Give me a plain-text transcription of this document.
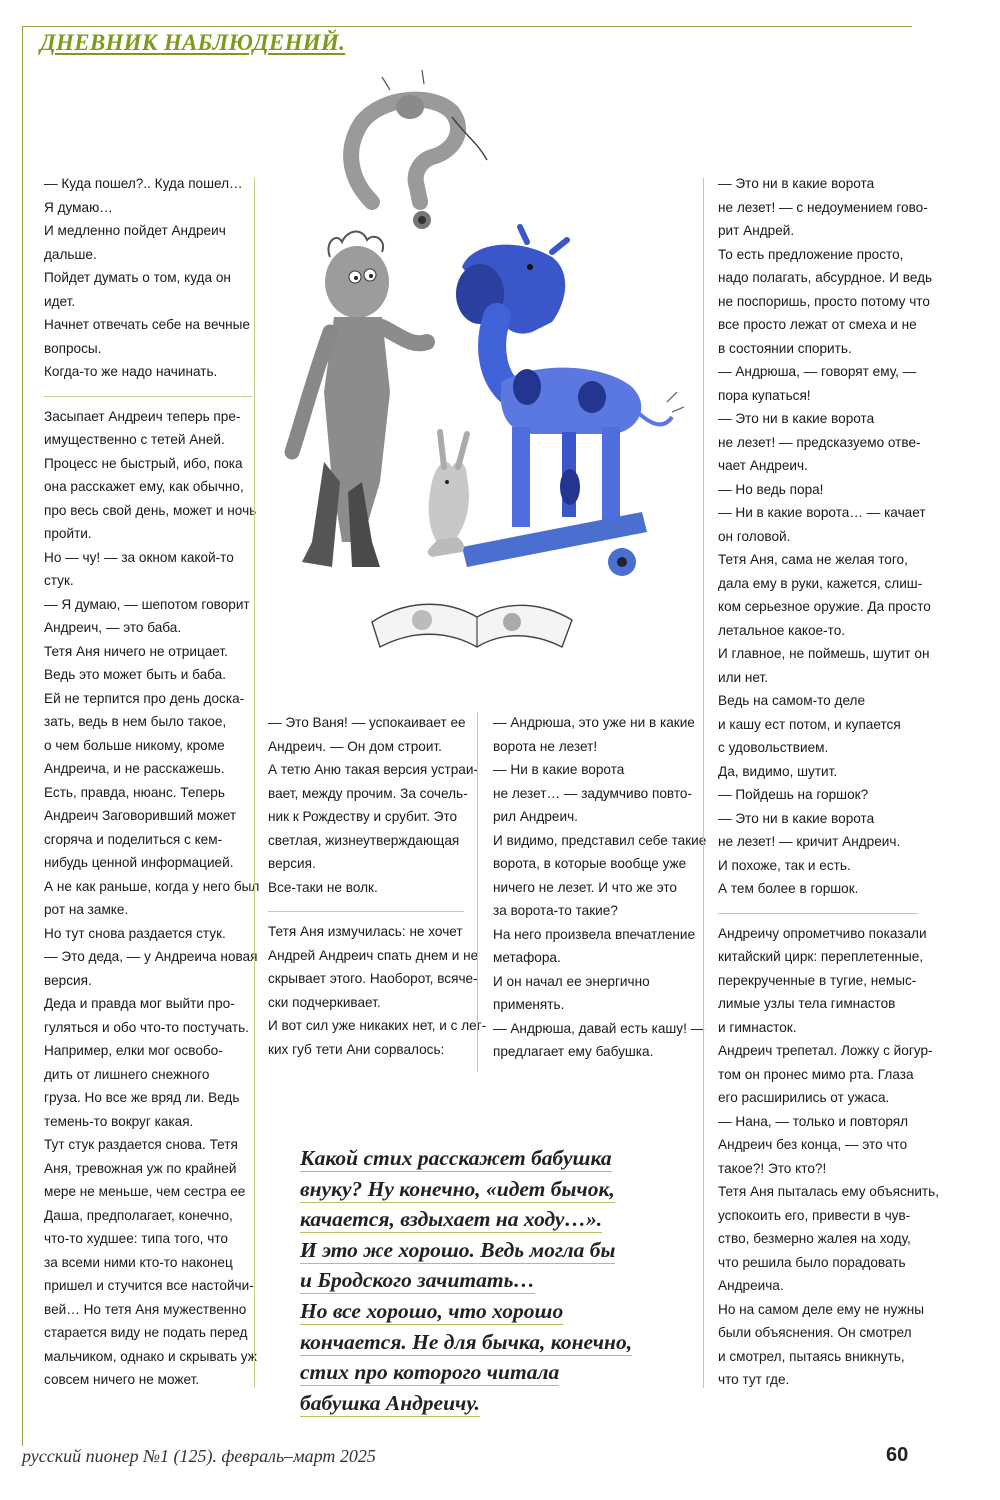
ДНЕВНИК НАБЛЮДЕНИЙ.

— Куда пошел?.. Куда пошел…

Я думаю…

И медленно пойдет Андреич

дальше.

Пойдет думать о том, куда он

идет.

Начнет отвечать себе на вечные

вопросы.

Когда-то же надо начинать.

Засыпает Андреич теперь пре-

имущественно с тетей Аней.

Процесс не быстрый, ибо, пока

она расскажет ему, как обычно,

про весь свой день, может и ночь

пройти.

Но — чу! — за окном какой-то

стук.

— Я думаю, — шепотом говорит

Андреич, — это баба.

Тетя Аня ничего не отрицает.

Ведь это может быть и баба.

Ей не терпится про день доска-

зать, ведь в нем было такое,

о чем больше никому, кроме

Андреича, и не расскажешь.

Есть, правда, нюанс. Теперь

Андреич Заговоривший может

сгоряча и поделиться с кем-

нибудь ценной информацией.

А не как раньше, когда у него был

рот на замке.

Но тут снова раздается стук.

— Это деда, — у Андреича новая

версия.

Деда и правда мог выйти про-

гуляться и обо что-то постучать.

Например, елки мог освобо-

дить от лишнего снежного

груза. Но все же вряд ли. Ведь

темень-то вокруг какая.

Тут стук раздается снова. Тетя

Аня, тревожная уж по крайней

мере не меньше, чем сестра ее

Даша, предполагает, конечно,

что-то худшее: типа того, что

за всеми ними кто-то наконец

пришел и стучится все настойчи-

вей… Но тетя Аня мужественно

старается виду не подать перед

мальчиком, однако и скрывать уж

совсем ничего не может.

— Это Ваня! — успокаивает ее

Андреич. — Он дом строит.

А тетю Аню такая версия устраи-

вает, между прочим. За сочель-

ник к Рождеству и срубит. Это

светлая, жизнеутверждающая

версия.

Все-таки не волк.

Тетя Аня измучилась: не хочет

Андрей Андреич спать днем и не

скрывает этого. Наоборот, всяче-

ски подчеркивает.

И вот сил уже никаких нет, и с лег-

ких губ тети Ани сорвалось:

— Андрюша, это уже ни в какие

ворота не лезет!

— Ни в какие ворота

не лезет… — задумчиво повто-

рил Андреич.

И видимо, представил себе такие

ворота, в которые вообще уже

ничего не лезет. И что же это

за ворота-то такие?

На него произвела впечатление

метафора.

И он начал ее энергично

применять.

— Андрюша, давай есть кашу! —

предлагает ему бабушка.

— Это ни в какие ворота

не лезет! — с недоумением гово-

рит Андрей.

То есть предложение просто,

надо полагать, абсурдное. И ведь

не поспоришь, просто потому что

все просто лежат от смеха и не

в состоянии спорить.

— Андрюша, — говорят ему, —

пора купаться!

— Это ни в какие ворота

не лезет! — предсказуемо отве-

чает Андреич.

— Но ведь пора!

— Ни в какие ворота… — качает

он головой.

Тетя Аня, сама не желая того,

дала ему в руки, кажется, слиш-

ком серьезное оружие. Да просто

летальное какое-то.

И главное, не поймешь, шутит он

или нет.

Ведь на самом-то деле

и кашу ест потом, и купается

с удовольствием.

Да, видимо, шутит.

— Пойдешь на горшок?

— Это ни в какие ворота

не лезет! — кричит Андреич.

И похоже, так и есть.

А тем более в горшок.

Андреичу опрометчиво показали

китайский цирк: переплетенные,

перекрученные в тугие, немыс-

лимые узлы тела гимнастов

и гимнасток.

Андреич трепетал. Ложку с йогур-

том он пронес мимо рта. Глаза

его расширились от ужаса.

— Нана, — только и повторял

Андреич без конца, — это что

такое?! Это кто?!

Тетя Аня пыталась ему объяснить,

успокоить его, привести в чув-

ство, безмерно жалея на ходу,

что решила было порадовать

Андреича.

Но на самом деле ему не нужны

были объяснения. Он смотрел

и смотрел, пытаясь вникнуть,

что тут где.

Какой стих расскажет бабушка

внуку? Ну конечно, «идет бычок,

качается, вздыхает на ходу…».

И это же хорошо. Ведь могла бы

и Бродского зачитать…

Но все хорошо, что хорошо

кончается. Не для бычка, конечно,

стих про которого читала

бабушка Андреичу.

русский пионер №1 (125). февраль–март 2025	60
